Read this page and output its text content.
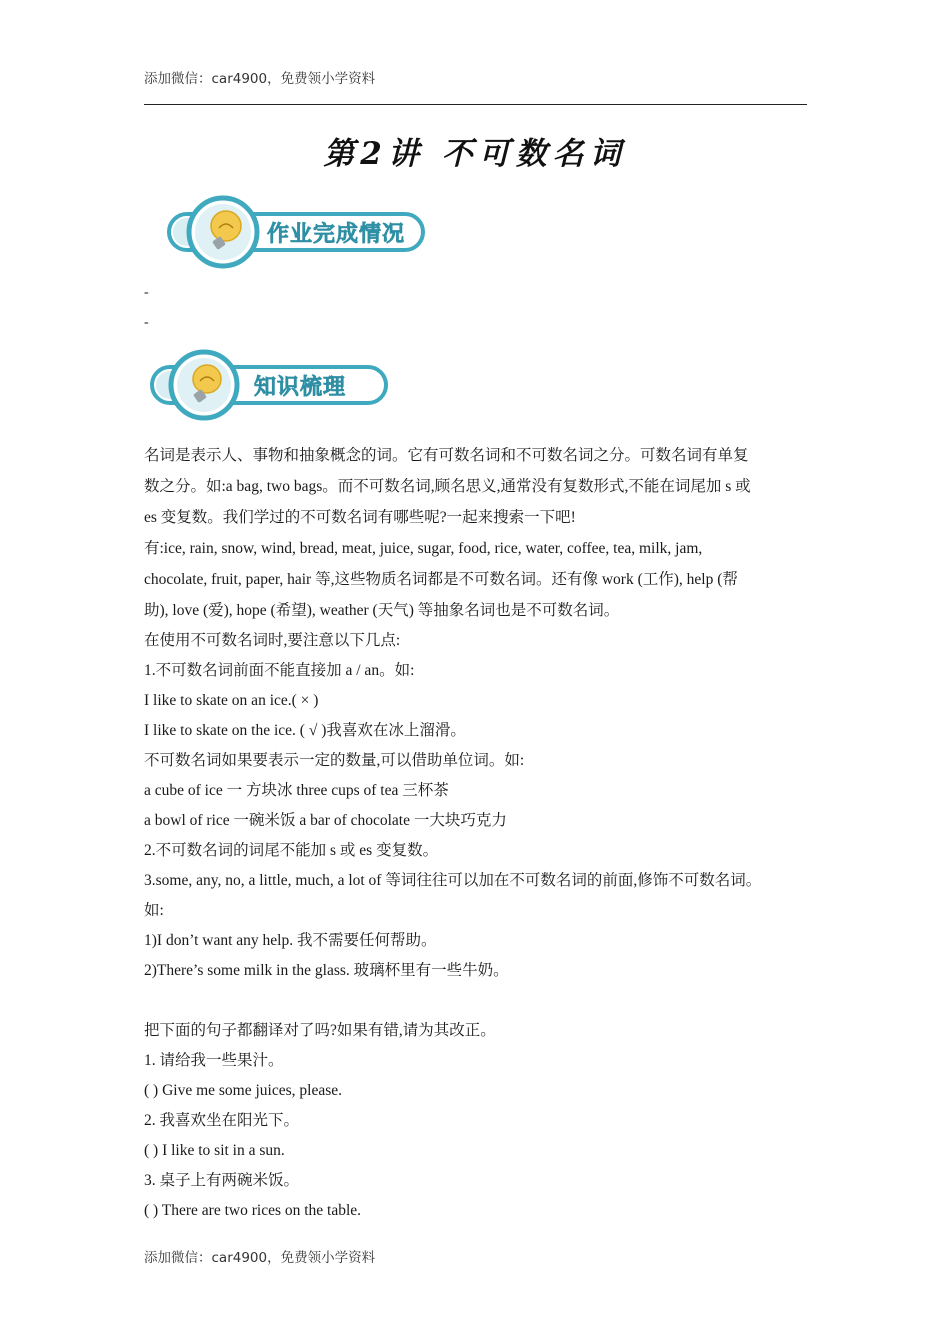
添加微信：car4900，免费领小学资料
第2讲 不可数名词
作业完成情况
-
-
知识梳理

名词是表示人、事物和抽象概念的词。它有可数名词和不可数名词之分。可数名词有单复

数之分。如:a bag, two bags。而不可数名词,顾名思义,通常没有复数形式,不能在词尾加 s 或

es 变复数。我们学过的不可数名词有哪些呢?一起来搜索一下吧!

有:ice, rain, snow, wind, bread, meat, juice, sugar, food, rice, water, coffee, tea, milk, jam,

chocolate, fruit, paper, hair 等,这些物质名词都是不可数名词。还有像 work (工作), help (帮

助), love (爱), hope (希望), weather (天气) 等抽象名词也是不可数名词。

在使用不可数名词时,要注意以下几点:

1.不可数名词前面不能直接加 a / an。如:

I like to skate on an ice.( × )

I like to skate on the ice. ( √ )我喜欢在冰上溜滑。

不可数名词如果要表示一定的数量,可以借助单位词。如:

a cube of ice 一 方块冰 three cups of tea 三杯茶

a bowl of rice 一碗米饭 a bar of chocolate 一大块巧克力

2.不可数名词的词尾不能加 s 或 es 变复数。

3.some, any, no, a little, much, a lot of 等词往往可以加在不可数名词的前面,修饰不可数名词。

如:

1)I don’t want any help. 我不需要任何帮助。

2)There’s some milk in the glass. 玻璃杯里有一些牛奶。

把下面的句子都翻译对了吗?如果有错,请为其改正。

1. 请给我一些果汁。

( ) Give me some juices, please.

2. 我喜欢坐在阳光下。

( ) I like to sit in a sun.

3. 桌子上有两碗米饭。

( ) There are two rices on the table.

添加微信：car4900，免费领小学资料
